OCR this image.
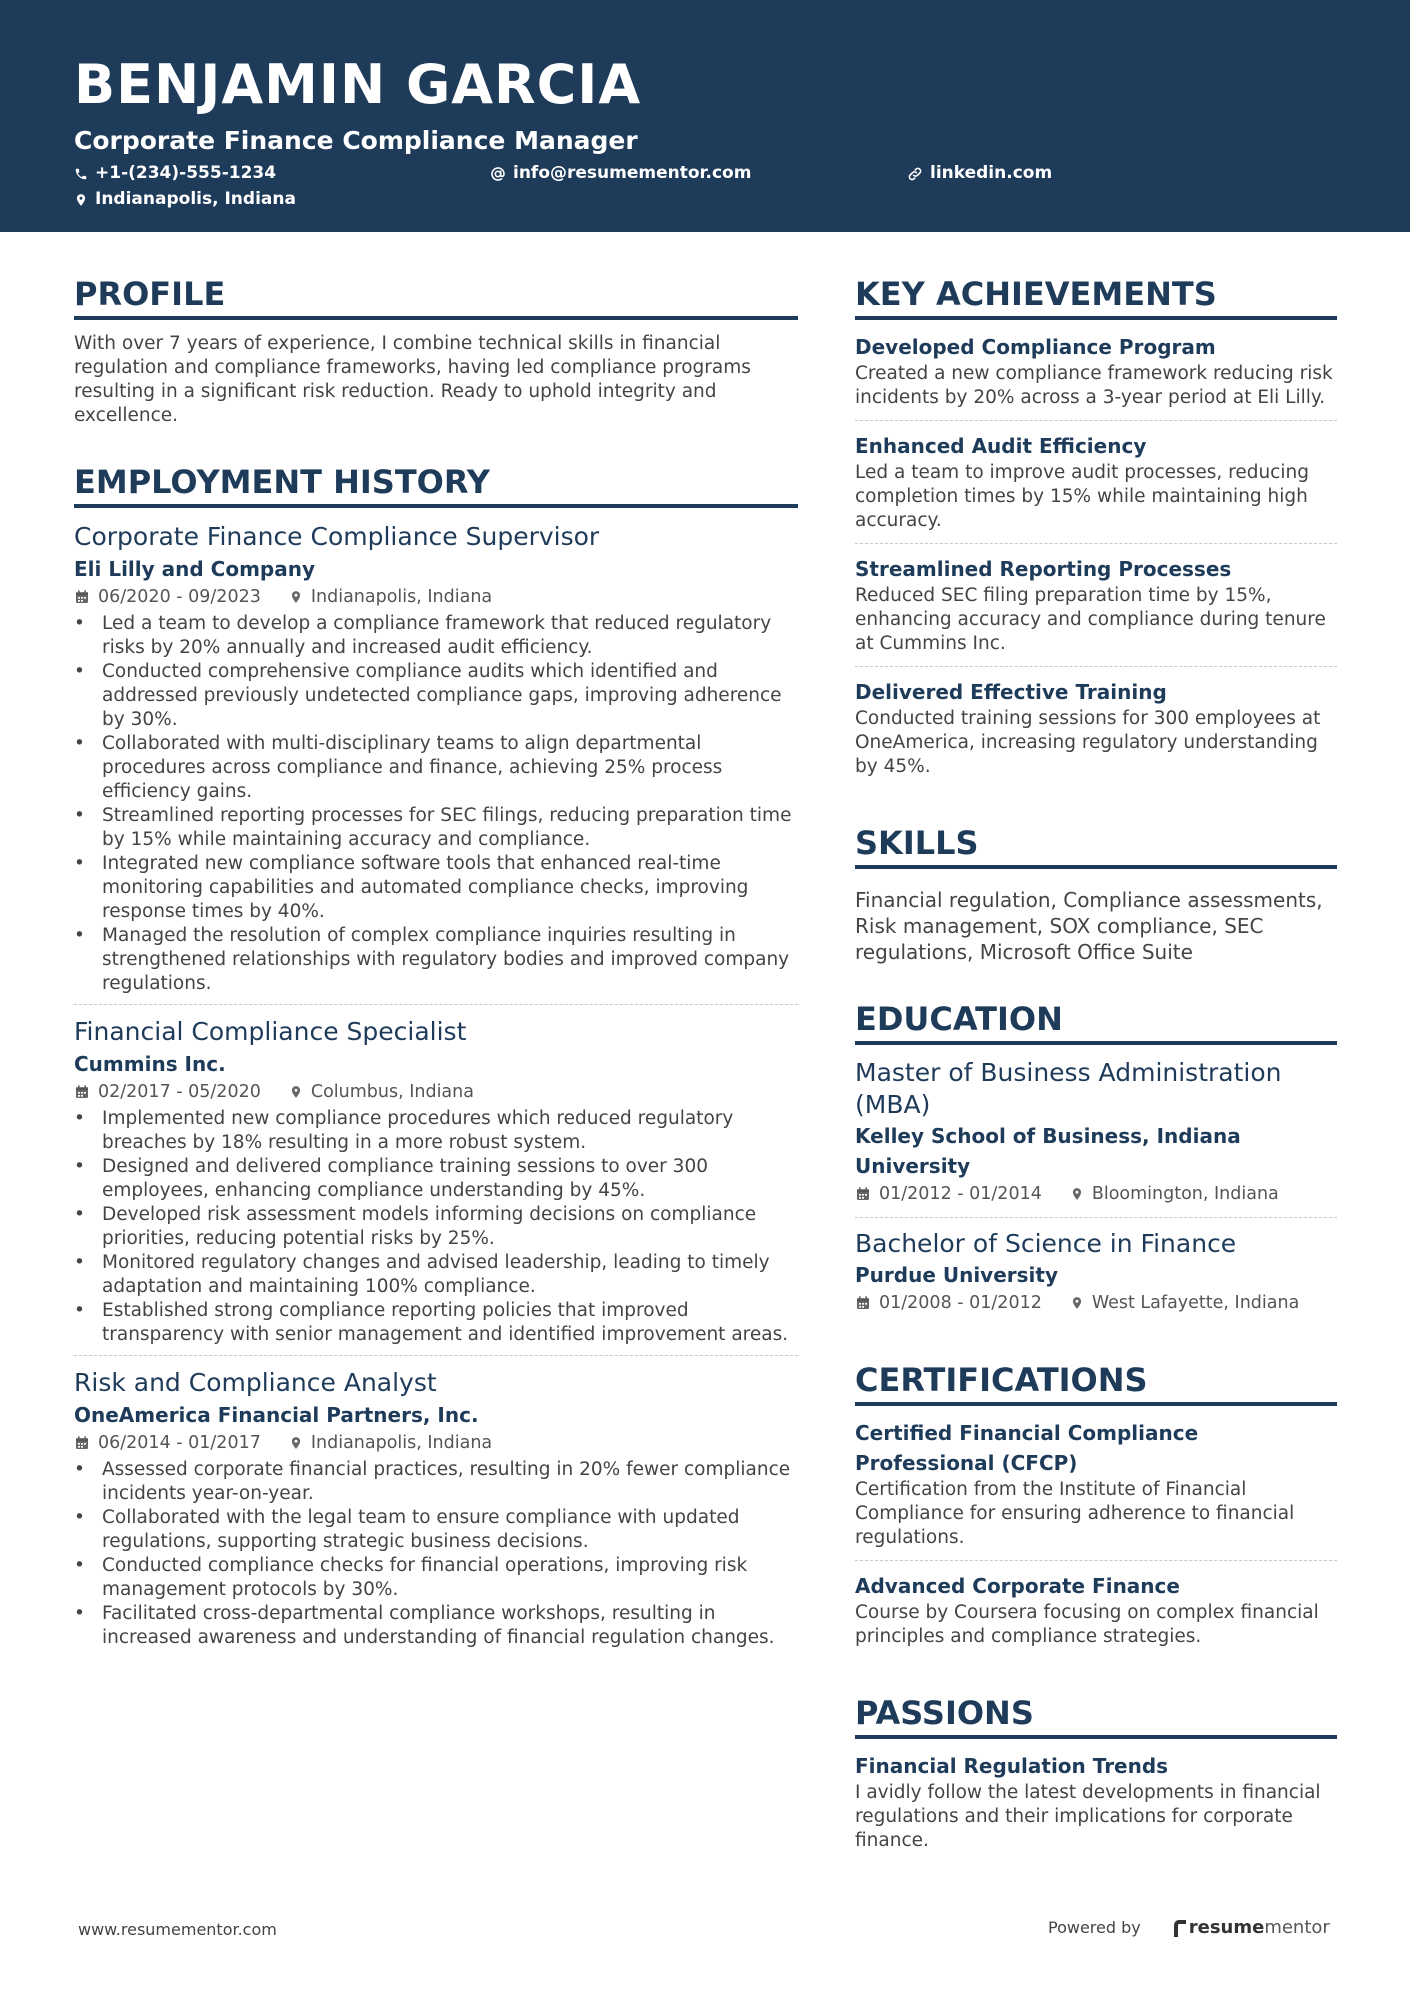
BENJAMIN GARCIA
Corporate Finance Compliance Manager
+1-(234)-555-1234	info@resumementor.com	linkedin.com
Indianapolis, Indiana
PROFILE

With over 7 years of experience, I combine technical skills in financial regulation and compliance frameworks, having led compliance programs resulting in a significant risk reduction. Ready to uphold integrity and excellence.

EMPLOYMENT HISTORY
Corporate Finance Compliance Supervisor
Eli Lilly and Company
06/2020 - 09/2023	Indianapolis, Indiana
• Led a team to develop a compliance framework that reduced regulatory risks by 20% annually and increased audit efficiency.
• Conducted comprehensive compliance audits which identified and addressed previously undetected compliance gaps, improving adherence by 30%.
• Collaborated with multi-disciplinary teams to align departmental procedures across compliance and finance, achieving 25% process efficiency gains.
• Streamlined reporting processes for SEC filings, reducing preparation time by 15% while maintaining accuracy and compliance.
• Integrated new compliance software tools that enhanced real-time monitoring capabilities and automated compliance checks, improving response times by 40%.
• Managed the resolution of complex compliance inquiries resulting in strengthened relationships with regulatory bodies and improved company regulations.
Financial Compliance Specialist
Cummins Inc.
02/2017 - 05/2020	Columbus, Indiana
• Implemented new compliance procedures which reduced regulatory breaches by 18% resulting in a more robust system.
• Designed and delivered compliance training sessions to over 300 employees, enhancing compliance understanding by 45%.
• Developed risk assessment models informing decisions on compliance priorities, reducing potential risks by 25%.
• Monitored regulatory changes and advised leadership, leading to timely adaptation and maintaining 100% compliance.
• Established strong compliance reporting policies that improved transparency with senior management and identified improvement areas.
Risk and Compliance Analyst
OneAmerica Financial Partners, Inc.
06/2014 - 01/2017	Indianapolis, Indiana
• Assessed corporate financial practices, resulting in 20% fewer compliance incidents year-on-year.
• Collaborated with the legal team to ensure compliance with updated regulations, supporting strategic business decisions.
• Conducted compliance checks for financial operations, improving risk management protocols by 30%.
• Facilitated cross-departmental compliance workshops, resulting in increased awareness and understanding of financial regulation changes.
KEY ACHIEVEMENTS
Developed Compliance Program

Created a new compliance framework reducing risk incidents by 20% across a 3-year period at Eli Lilly.

Enhanced Audit Efficiency

Led a team to improve audit processes, reducing completion times by 15% while maintaining high accuracy.

Streamlined Reporting Processes

Reduced SEC filing preparation time by 15%, enhancing accuracy and compliance during tenure at Cummins Inc.

Delivered Effective Training

Conducted training sessions for 300 employees at OneAmerica, increasing regulatory understanding by 45%.

SKILLS
Financial regulation, Compliance assessments, Risk management, SOX compliance, SEC regulations, Microsoft Office Suite
EDUCATION
Master of Business Administration (MBA)
Kelley School of Business, Indiana University
01/2012 - 01/2014	Bloomington, Indiana
Bachelor of Science in Finance
Purdue University
01/2008 - 01/2012	West Lafayette, Indiana
CERTIFICATIONS
Certified Financial Compliance Professional (CFCP)

Certification from the Institute of Financial Compliance for ensuring adherence to financial regulations.

Advanced Corporate Finance

Course by Coursera focusing on complex financial principles and compliance strategies.

PASSIONS
Financial Regulation Trends

I avidly follow the latest developments in financial regulations and their implications for corporate finance.

www.resumementor.com	Powered by	resume mentor
